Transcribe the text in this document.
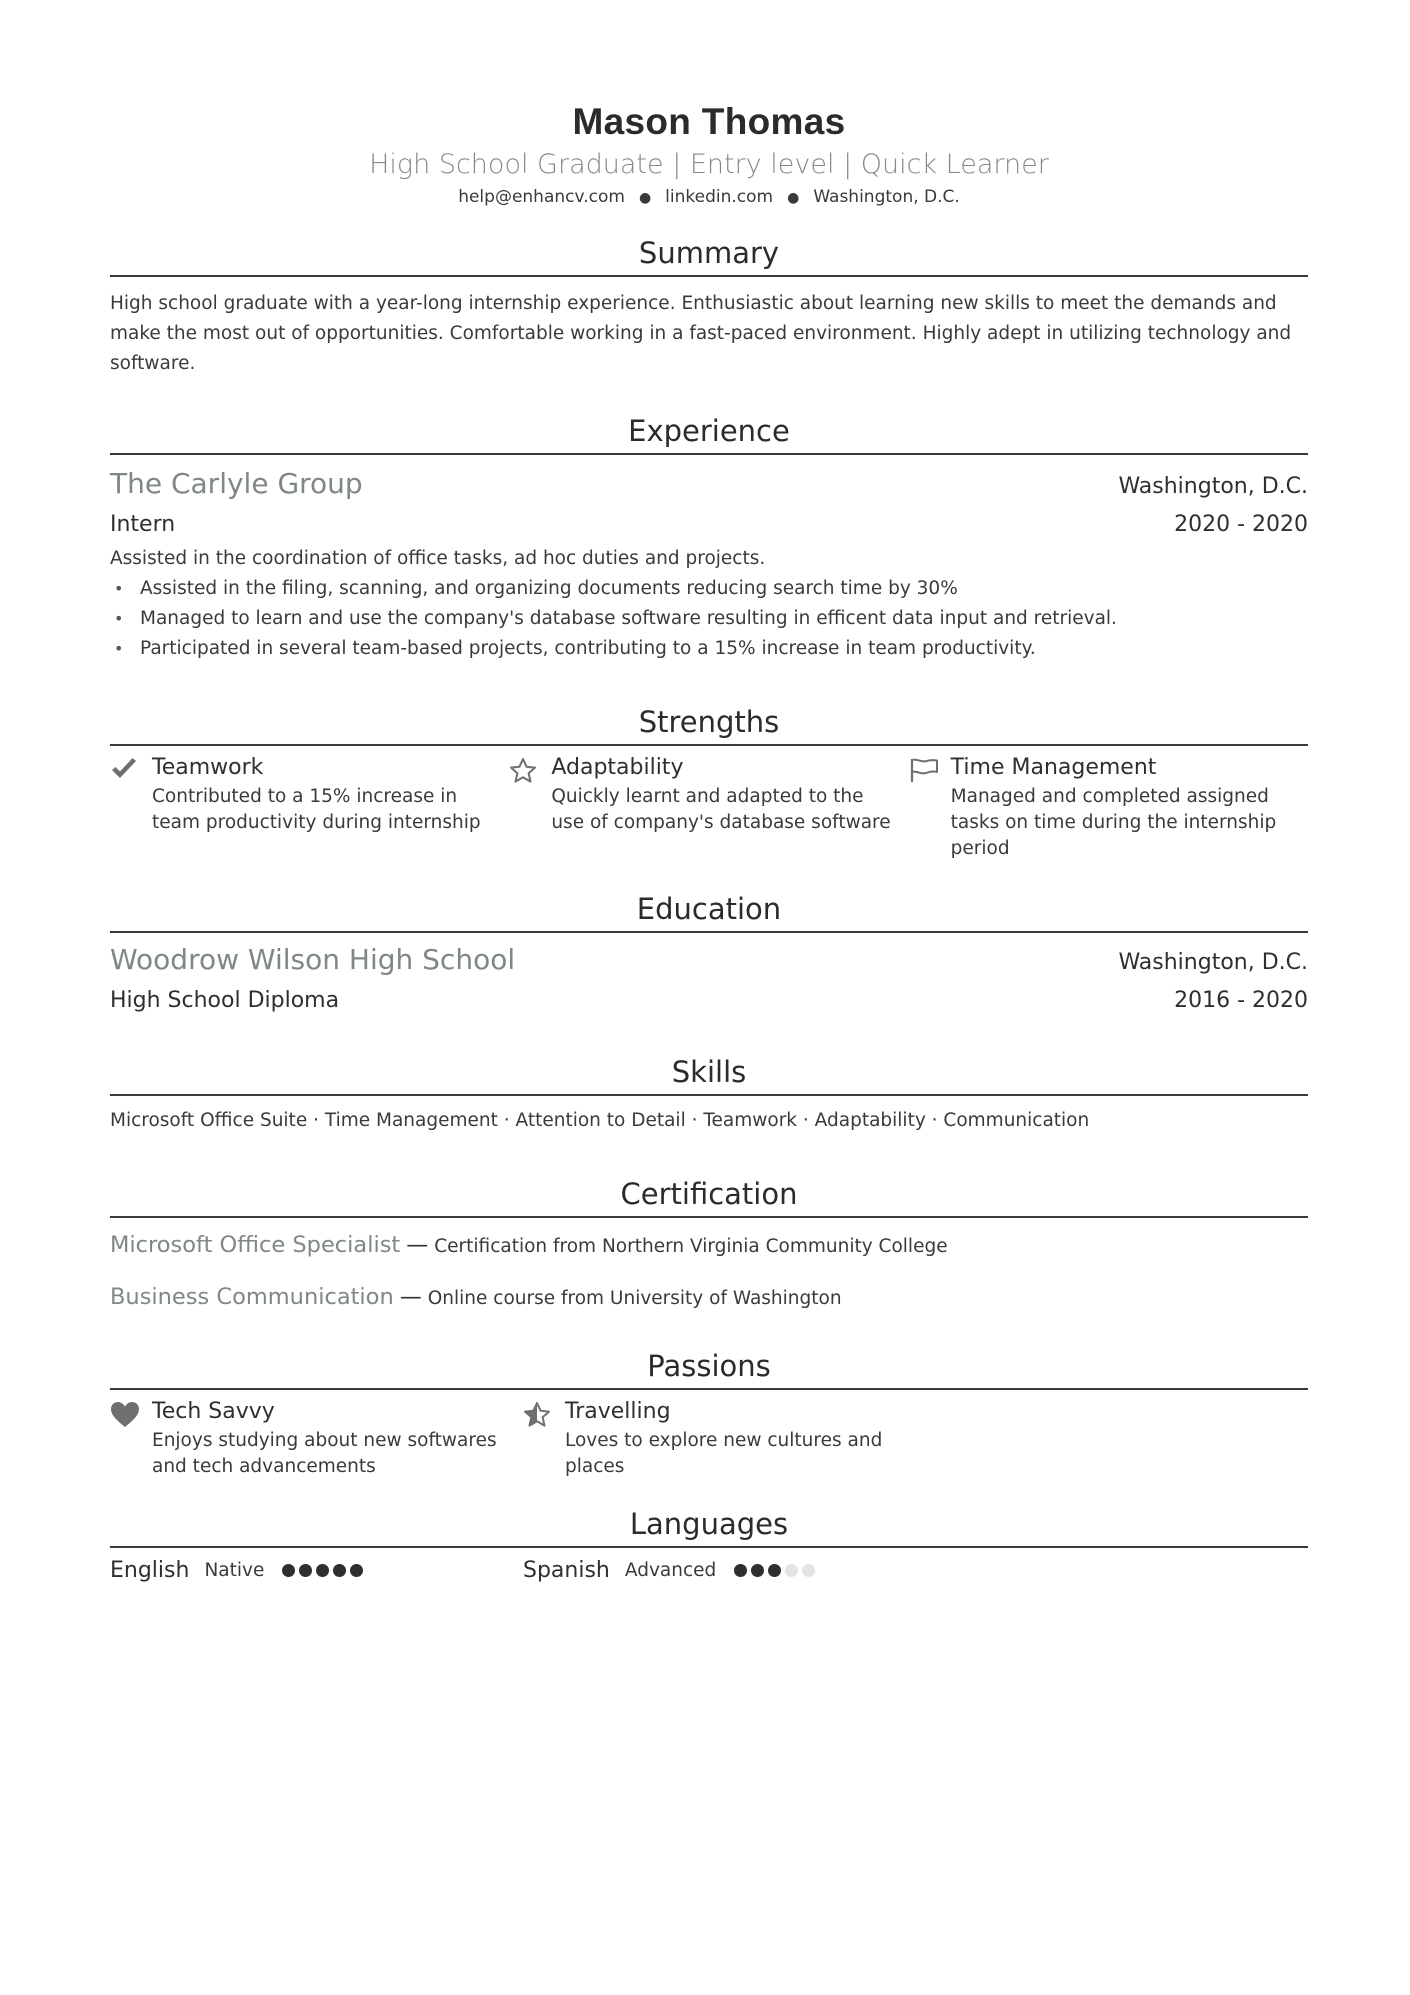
Mason Thomas
High School Graduate | Entry level | Quick Learner
help@enhancv.com ● linkedin.com ● Washington, D.C.
Summary
High school graduate with a year-long internship experience. Enthusiastic about learning new skills to meet the demands and make the most out of opportunities. Comfortable working in a fast-paced environment. Highly adept in utilizing technology and software.
Experience
The Carlyle Group	Washington, D.C.
Intern	2020 - 2020
Assisted in the coordination of office tasks, ad hoc duties and projects.
• Assisted in the filing, scanning, and organizing documents reducing search time by 30%
• Managed to learn and use the company's database software resulting in efficent data input and retrieval.
• Participated in several team-based projects, contributing to a 15% increase in team productivity.
Strengths
Teamwork
Contributed to a 15% increase in team productivity during internship
Adaptability
Quickly learnt and adapted to the use of company's database software
Time Management
Managed and completed assigned tasks on time during the internship period
Education
Woodrow Wilson High School	Washington, D.C.
High School Diploma	2016 - 2020
Skills
Microsoft Office Suite · Time Management · Attention to Detail · Teamwork · Adaptability · Communication
Certification
Microsoft Office Specialist — Certification from Northern Virginia Community College
Business Communication — Online course from University of Washington
Passions
Tech Savvy
Enjoys studying about new softwares and tech advancements
Travelling
Loves to explore new cultures and places
Languages
English Native	Spanish Advanced
